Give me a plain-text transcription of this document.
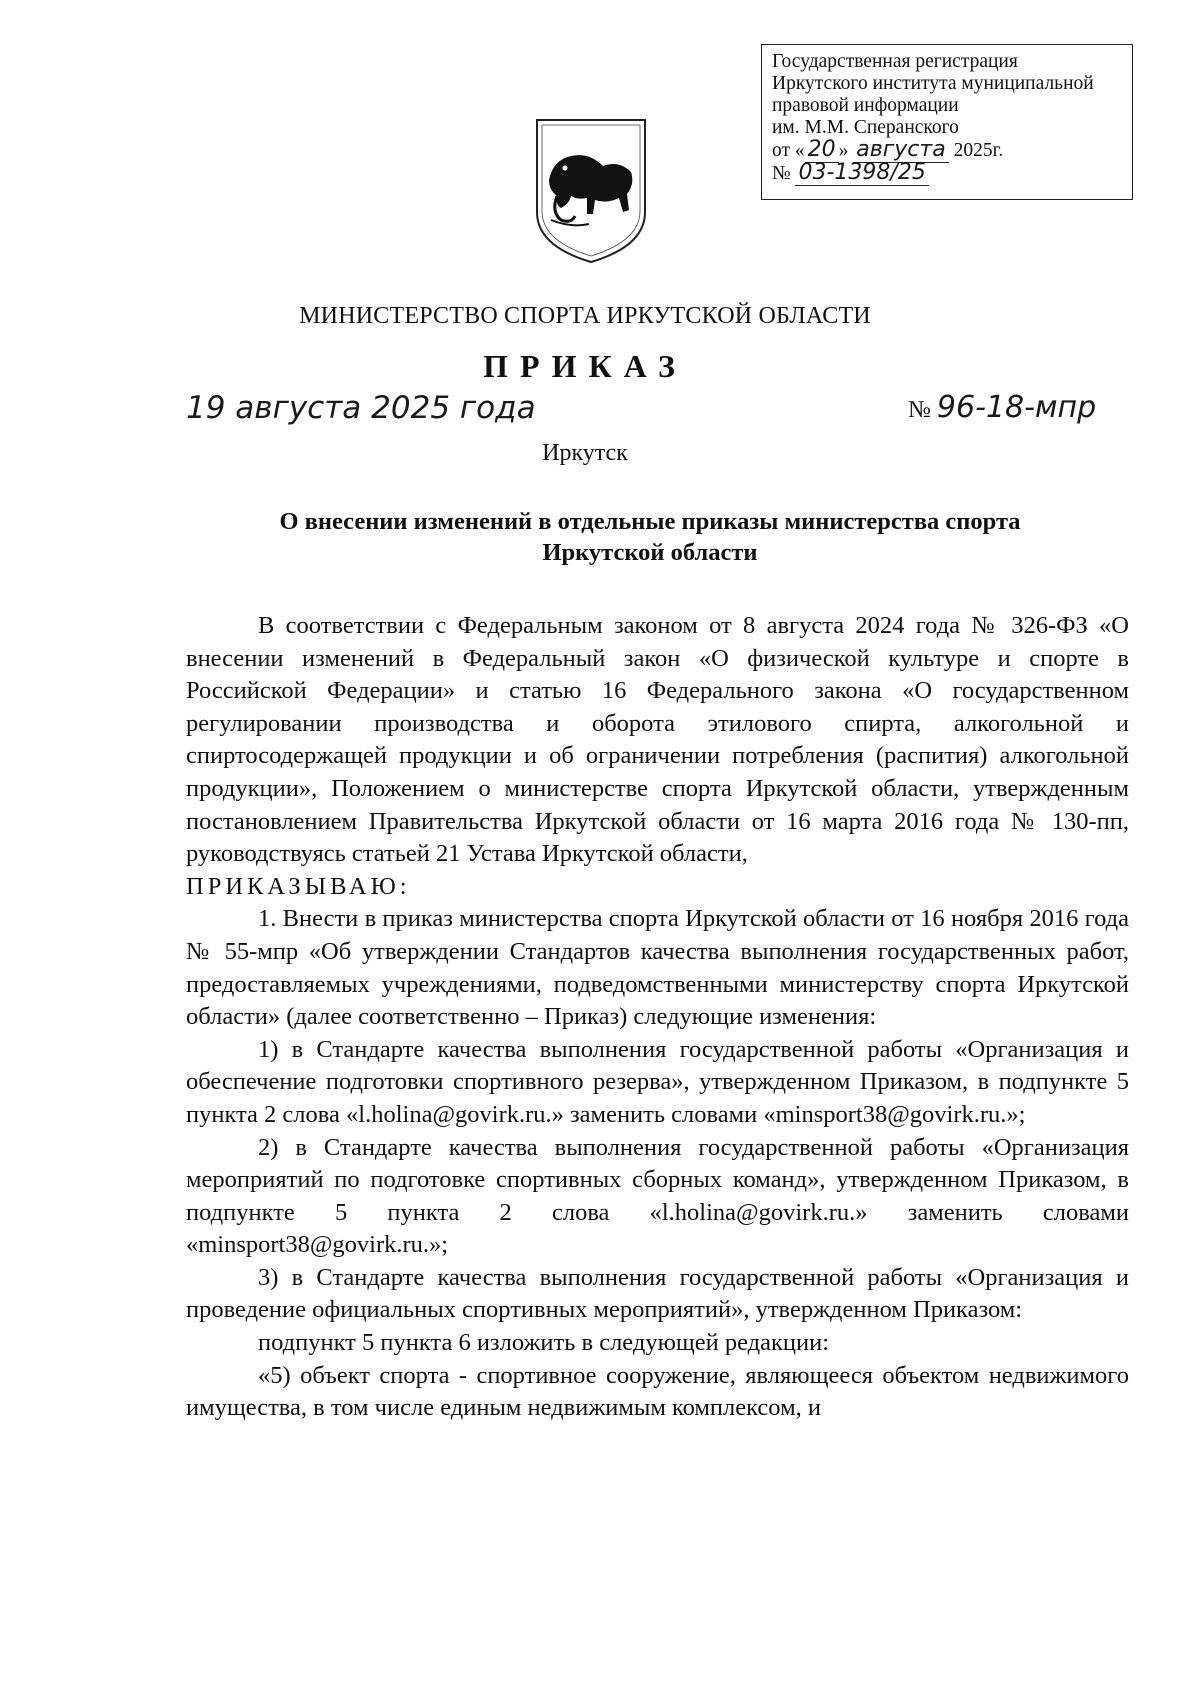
Государственная регистрация
Иркутского института муниципальной
правовой информации
им. М.М. Сперанского
от « 20 » августа 2025г.
№ 03-1398/25
МИНИСТЕРСТВО СПОРТА ИРКУТСКОЙ ОБЛАСТИ
ПРИКАЗ
19 августа 2025 года	№ 96-18-мпр
Иркутск
О внесении изменений в отдельные приказы министерства спорта
Иркутской области

В соответствии с Федеральным законом от 8 августа 2024 года № 326-ФЗ «О внесении изменений в Федеральный закон «О физической культуре и спорте в Российской Федерации» и статью 16 Федерального закона «О государственном регулировании производства и оборота этилового спирта, алкогольной и спиртосодержащей продукции и об ограничении потребления (распития) алкогольной продукции», Положением о министерстве спорта Иркутской области, утвержденным постановлением Правительства Иркутской области от 16 марта 2016 года № 130-пп, руководствуясь статьей 21 Устава Иркутской области,

ПРИКАЗЫВАЮ:

1. Внести в приказ министерства спорта Иркутской области от 16 ноября 2016 года № 55-мпр «Об утверждении Стандартов качества выполнения государственных работ, предоставляемых учреждениями, подведомственными министерству спорта Иркутской области» (далее соответственно – Приказ) следующие изменения:

1) в Стандарте качества выполнения государственной работы «Организация и обеспечение подготовки спортивного резерва», утвержденном Приказом, в подпункте 5 пункта 2 слова «l.holina@govirk.ru.» заменить словами «minsport38@govirk.ru.»;

2) в Стандарте качества выполнения государственной работы «Организация мероприятий по подготовке спортивных сборных команд», утвержденном Приказом, в подпункте 5 пункта 2 слова «l.holina@govirk.ru.» заменить словами «minsport38@govirk.ru.»;

3) в Стандарте качества выполнения государственной работы «Организация и проведение официальных спортивных мероприятий», утвержденном Приказом:

подпункт 5 пункта 6 изложить в следующей редакции:

«5) объект спорта - спортивное сооружение, являющееся объектом недвижимого имущества, в том числе единым недвижимым комплексом, и
